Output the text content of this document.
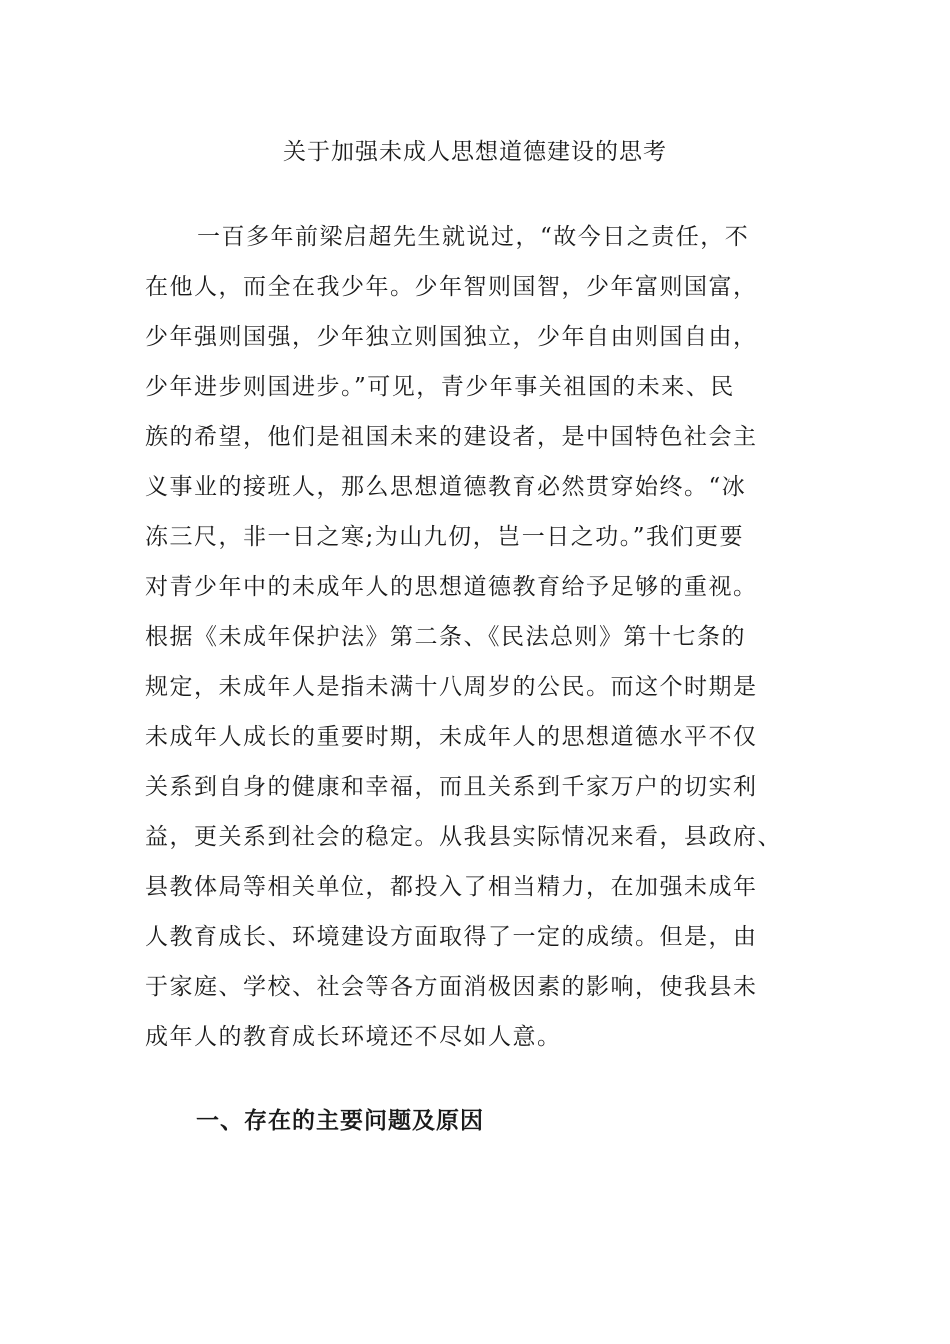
关于加强未成人思想道德建设的思考
一百多年前梁启超先生就说过，“故今日之责任，不
在他人，而全在我少年。少年智则国智，少年富则国富，
少年强则国强，少年独立则国独立，少年自由则国自由，
少年进步则国进步。”可见，青少年事关祖国的未来、民
族的希望，他们是祖国未来的建设者，是中国特色社会主
义事业的接班人，那么思想道德教育必然贯穿始终。“冰
冻三尺，非一日之寒;为山九仞，岂一日之功。”我们更要
对青少年中的未成年人的思想道德教育给予足够的重视。
根据《未成年保护法》第二条、《民法总则》第十七条的
规定，未成年人是指未满十八周岁的公民。而这个时期是
未成年人成长的重要时期，未成年人的思想道德水平不仅
关系到自身的健康和幸福，而且关系到千家万户的切实利
益，更关系到社会的稳定。从我县实际情况来看，县政府、
县教体局等相关单位，都投入了相当精力，在加强未成年
人教育成长、环境建设方面取得了一定的成绩。但是，由
于家庭、学校、社会等各方面消极因素的影响，使我县未
成年人的教育成长环境还不尽如人意。
一、存在的主要问题及原因
